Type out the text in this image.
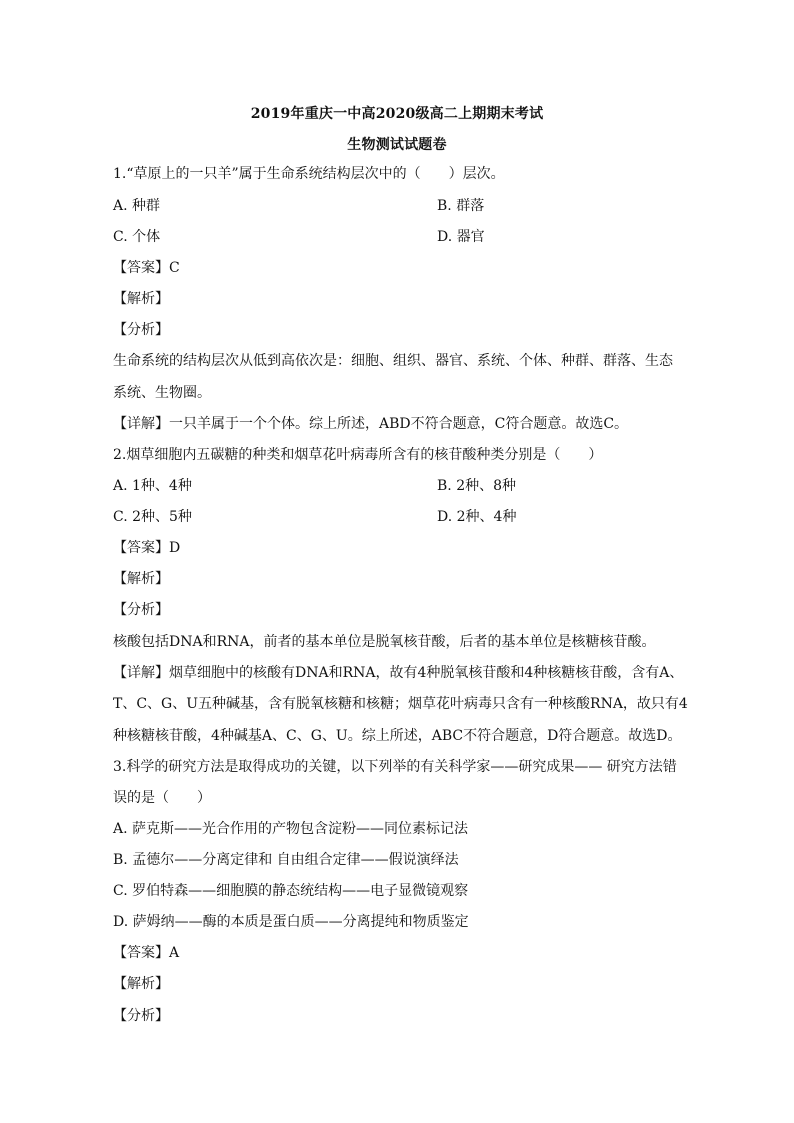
2019年重庆一中高2020级高二上期期末考试
生物测试试题卷
1.“草原上的一只羊”属于生命系统结构层次中的（　　）层次。
A. 种群	B. 群落
C. 个体	D. 器官
【答案】C
【解析】
【分析】
生命系统的结构层次从低到高依次是：细胞、组织、器官、系统、个体、种群、群落、生态
系统、生物圈。
【详解】一只羊属于一个个体。综上所述，ABD不符合题意，C符合题意。故选C。
2.烟草细胞内五碳糖的种类和烟草花叶病毒所含有的核苷酸种类分别是（　　）
A. 1种、4种	B. 2种、8种
C. 2种、5种	D. 2种、4种
【答案】D
【解析】
【分析】
核酸包括DNA和RNA，前者的基本单位是脱氧核苷酸，后者的基本单位是核糖核苷酸。
【详解】烟草细胞中的核酸有DNA和RNA，故有4种脱氧核苷酸和4种核糖核苷酸，含有A、
T、C、G、U五种碱基，含有脱氧核糖和核糖；烟草花叶病毒只含有一种核酸RNA，故只有4
种核糖核苷酸，4种碱基A、C、G、U。综上所述，ABC不符合题意，D符合题意。故选D。
3.科学的研究方法是取得成功的关键，以下列举的有关科学家——研究成果—— 研究方法错
误的是（　　）
A. 萨克斯——光合作用的产物包含淀粉——同位素标记法
B. 孟德尔——分离定律和 自由组合定律——假说演绎法
C. 罗伯特森——细胞膜的静态统结构——电子显微镜观察
D. 萨姆纳——酶的本质是蛋白质——分离提纯和物质鉴定
【答案】A
【解析】
【分析】
